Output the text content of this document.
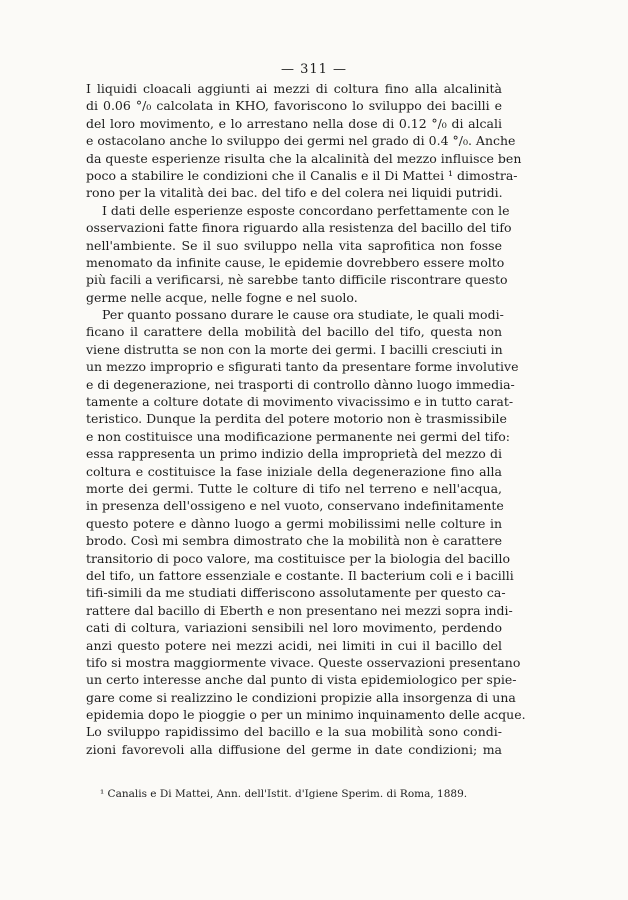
— 311 —
I liquidi cloacali aggiunti ai mezzi di coltura fino alla alcalinità
di 0.06 °/₀ calcolata in KHO, favoriscono lo sviluppo dei bacilli e
del loro movimento, e lo arrestano nella dose di 0.12 °/₀ di alcali
e ostacolano anche lo sviluppo dei germi nel grado di 0.4 °/₀. Anche
da queste esperienze risulta che la alcalinità del mezzo influisce ben
poco a stabilire le condizioni che il Canalis e il Di Mattei ¹ dimostra-
rono per la vitalità dei bac. del tifo e del colera nei liquidi putridi.
I dati delle esperienze esposte concordano perfettamente con le
osservazioni fatte finora riguardo alla resistenza del bacillo del tifo
nell'ambiente. Se il suo sviluppo nella vita saprofitica non fosse
menomato da infinite cause, le epidemie dovrebbero essere molto
più facili a verificarsi, nè sarebbe tanto difficile riscontrare questo
germe nelle acque, nelle fogne e nel suolo.
Per quanto possano durare le cause ora studiate, le quali modi-
ficano il carattere della mobilità del bacillo del tifo, questa non
viene distrutta se non con la morte dei germi. I bacilli cresciuti in
un mezzo improprio e sfigurati tanto da presentare forme involutive
e di degenerazione, nei trasporti di controllo dànno luogo immedia-
tamente a colture dotate di movimento vivacissimo e in tutto carat-
teristico. Dunque la perdita del potere motorio non è trasmissibile
e non costituisce una modificazione permanente nei germi del tifo:
essa rappresenta un primo indizio della improprietà del mezzo di
coltura e costituisce la fase iniziale della degenerazione fino alla
morte dei germi. Tutte le colture di tifo nel terreno e nell'acqua,
in presenza dell'ossigeno e nel vuoto, conservano indefinitamente
questo potere e dànno luogo a germi mobilissimi nelle colture in
brodo. Così mi sembra dimostrato che la mobilità non è carattere
transitorio di poco valore, ma costituisce per la biologia del bacillo
del tifo, un fattore essenziale e costante. Il bacterium coli e i bacilli
tifi-simili da me studiati differiscono assolutamente per questo ca-
rattere dal bacillo di Eberth e non presentano nei mezzi sopra indi-
cati di coltura, variazioni sensibili nel loro movimento, perdendo
anzi questo potere nei mezzi acidi, nei limiti in cui il bacillo del
tifo si mostra maggiormente vivace. Queste osservazioni presentano
un certo interesse anche dal punto di vista epidemiologico per spie-
gare come si realizzino le condizioni propizie alla insorgenza di una
epidemia dopo le pioggie o per un minimo inquinamento delle acque.
Lo sviluppo rapidissimo del bacillo e la sua mobilità sono condi-
zioni favorevoli alla diffusione del germe in date condizioni; ma
¹ Canalis e Di Mattei, Ann. dell'Istit. d'Igiene Sperim. di Roma, 1889.
